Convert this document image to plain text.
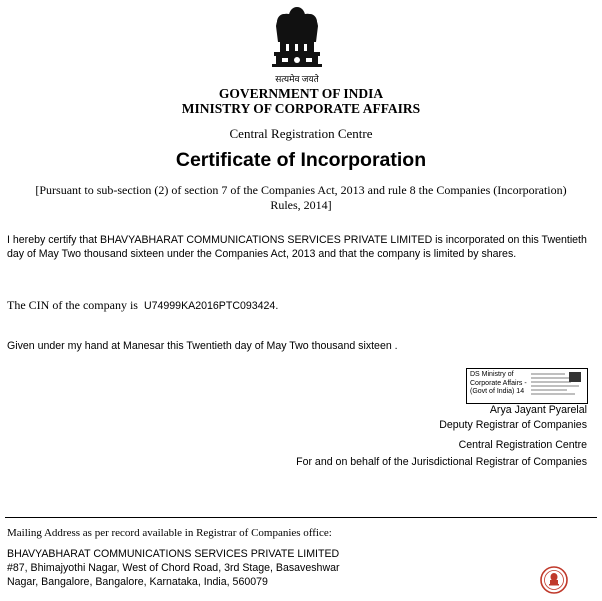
सत्यमेव जयते
GOVERNMENT OF INDIA
MINISTRY OF CORPORATE AFFAIRS
Central Registration Centre
Certificate of Incorporation
[Pursuant to sub-section (2) of section 7 of the Companies Act, 2013 and rule 8 the Companies (Incorporation) Rules, 2014]
I hereby certify that BHAVYABHARAT COMMUNICATIONS SERVICES PRIVATE LIMITED is incorporated on this Twentieth day of May Two thousand sixteen under the Companies Act, 2013 and that the company is limited by shares.
The CIN of the company is U74999KA2016PTC093424.
Given under my hand at Manesar this Twentieth day of May Two thousand sixteen .
DS Ministry of Corporate Affairs - (Govt of India) 14
Arya Jayant Pyarelal
Deputy Registrar of Companies
Central Registration Centre
For and on behalf of the Jurisdictional Registrar of Companies
Mailing Address as per record available in Registrar of Companies office:
BHAVYABHARAT COMMUNICATIONS SERVICES PRIVATE LIMITED
#87, Bhimajyothi Nagar, West of Chord Road, 3rd Stage, Basaveshwar
Nagar, Bangalore, Bangalore, Karnataka, India, 560079
